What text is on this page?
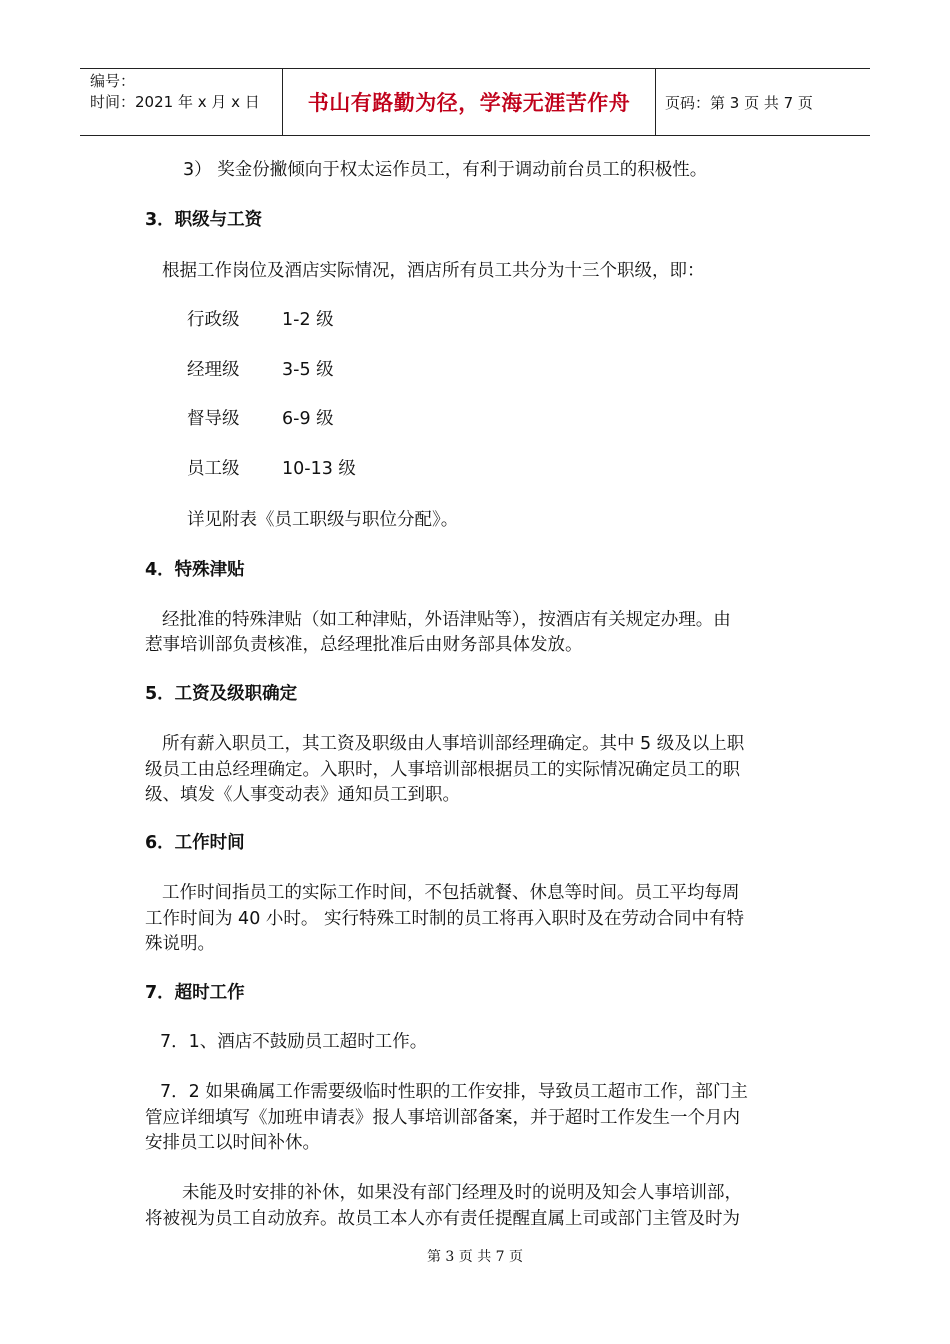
编号：
时间：2021 年 x 月 x 日	书山有路勤为径，学海无涯苦作舟	页码：第 3 页 共 7 页
3） 奖金份撇倾向于权太运作员工，有利于调动前台员工的积极性。
3．职级与工资
根据工作岗位及酒店实际情况，酒店所有员工共分为十三个职级，即：
行政级 1-2 级
经理级 3-5 级
督导级 6-9 级
员工级 10-13 级
详见附表《员工职级与职位分配》。
4．特殊津贴
经批准的特殊津贴（如工种津贴，外语津贴等），按酒店有关规定办理。由
惹事培训部负责核准，总经理批准后由财务部具体发放。
5．工资及级职确定
所有薪入职员工，其工资及职级由人事培训部经理确定。其中 5 级及以上职
级员工由总经理确定。入职时，人事培训部根据员工的实际情况确定员工的职
级、填发《人事变动表》通知员工到职。
6．工作时间
工作时间指员工的实际工作时间，不包括就餐、休息等时间。员工平均每周
工作时间为 40 小时。 实行特殊工时制的员工将再入职时及在劳动合同中有特
殊说明。
7．超时工作
7．1、酒店不鼓励员工超时工作。
7．2 如果确属工作需要级临时性职的工作安排，导致员工超市工作，部门主
管应详细填写《加班申请表》报人事培训部备案，并于超时工作发生一个月内
安排员工以时间补休。
未能及时安排的补休，如果没有部门经理及时的说明及知会人事培训部，
将被视为员工自动放弃。故员工本人亦有责任提醒直属上司或部门主管及时为
第 3 页 共 7 页
